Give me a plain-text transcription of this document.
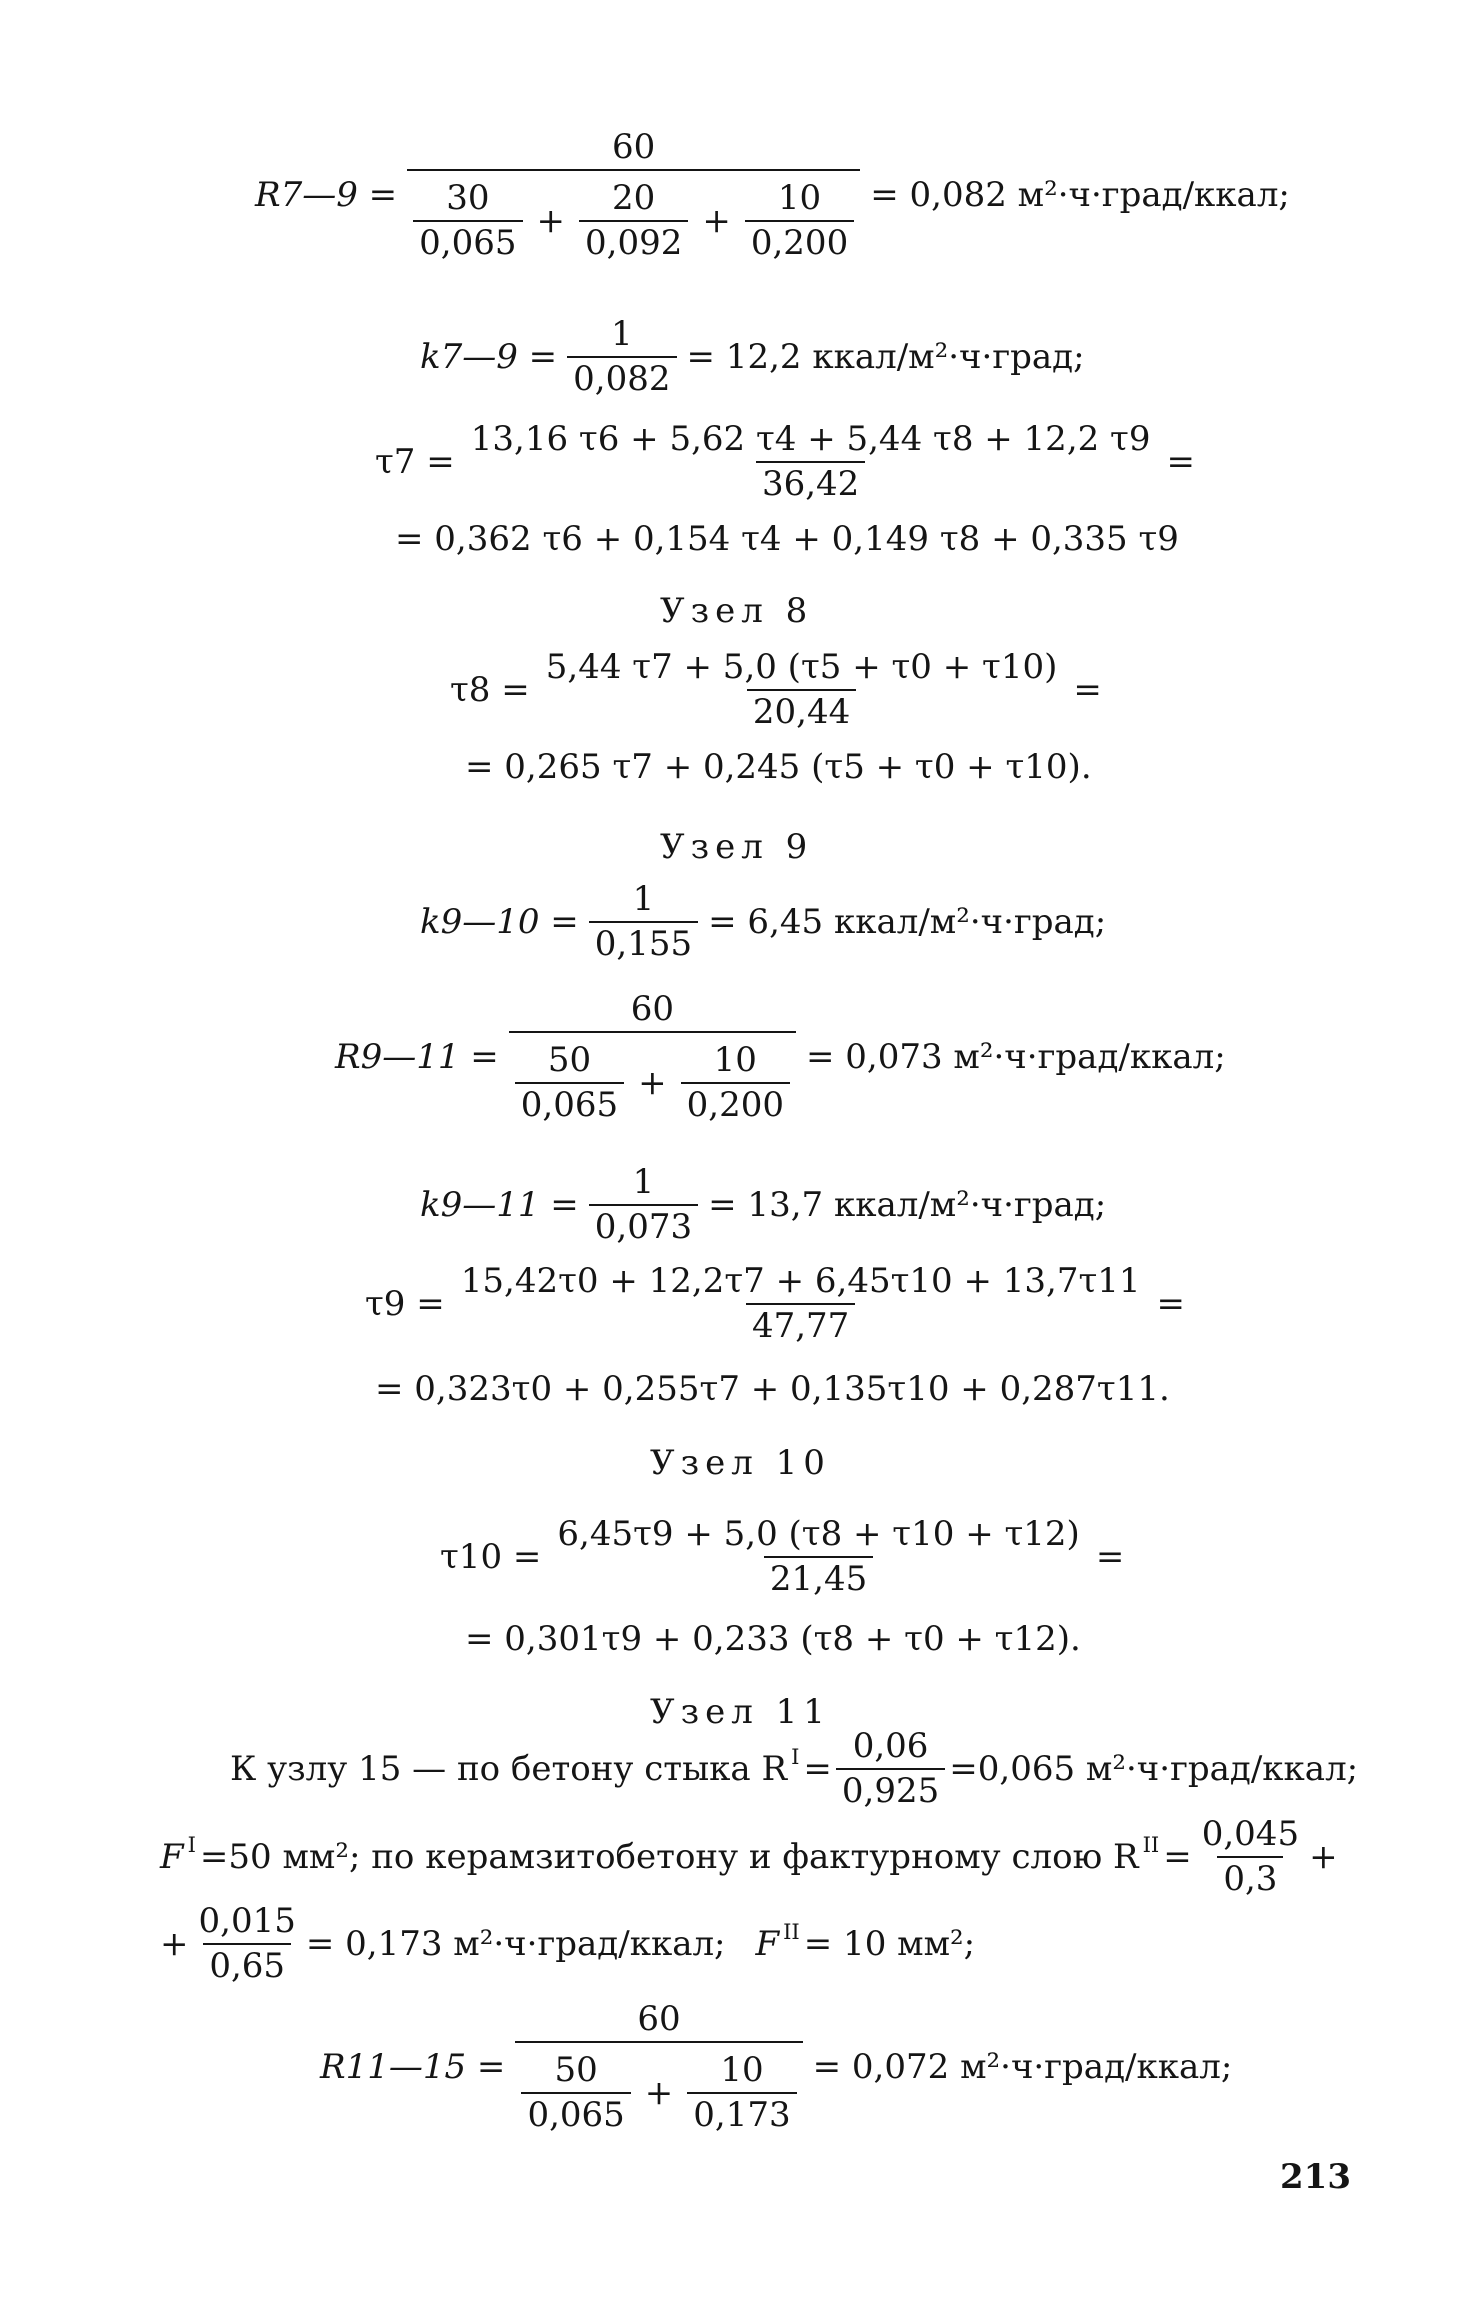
R7—9 = $\frac{60}{\frac{30}{0,065} + \frac{20}{0,092} + \frac{10}{0,200}} = 0,082$ м²·ч·град/ккал;
k7—9 = $\frac{1}{0,082} = 12,2$ ккал/м²·ч·град;
$\tau 7 = \frac{13,16 \tau 6 + 5,62 \tau 4 + 5,44 \tau 8 + 12,2 \tau 9}{36,42}$ =
= 0,362 τ6 + 0,154 τ4 + 0,149 τ8 + 0,335 τ9
Узел 8
$\tau 8 = \frac{5,44 \tau 7 + 5,0 (\tau 5 + \tau 0 + \tau 10)}{20,44}$ =
= 0,265 τ7 + 0,245 (τ5 + τ0 + τ10).
Узел 9
k9—10 = $\frac{1}{0,155} = 6,45$ ккал/м²·ч·град;
R9—11 = $\frac{60}{\frac{50}{0,065} + \frac{10}{0,200}} = 0,073$ м²·ч·град/ккал;
k9—11 = $\frac{1}{0,073} = 13,7$ ккал/м²·ч·град;
$\tau 9 = \frac{15,42\tau 0 + 12,2\tau 7 + 6,45\tau 10 + 13,7\tau 11}{47,77}$ =
= 0,323τ0 + 0,255τ7 + 0,135τ10 + 0,287τ11.
Узел 10
$\tau 10 = \frac{6,45\tau 9 + 5,0 (\tau 8 + \tau 10 + \tau 12)}{21,45}$ =
= 0,301τ9 + 0,233 (τ8 + τ0 + τ12).
Узел 11
К узлу 15 — по бетону стыка $R^I = \frac{0,06}{0,925} =0,065$ м²·ч·град/ккал;
$F^I =50$ мм²; по керамзитобетону и фактурному слою $R^{II} = \frac{0,045}{0,3}$ +
+ $\frac{0,015}{0,65} = 0,173$ м²·ч·град/ккал; $F^{II} = 10$ мм²;
R11—15 = $\frac{60}{\frac{50}{0,065} + \frac{10}{0,173}} = 0,072$ м²·ч·град/ккал;
213
